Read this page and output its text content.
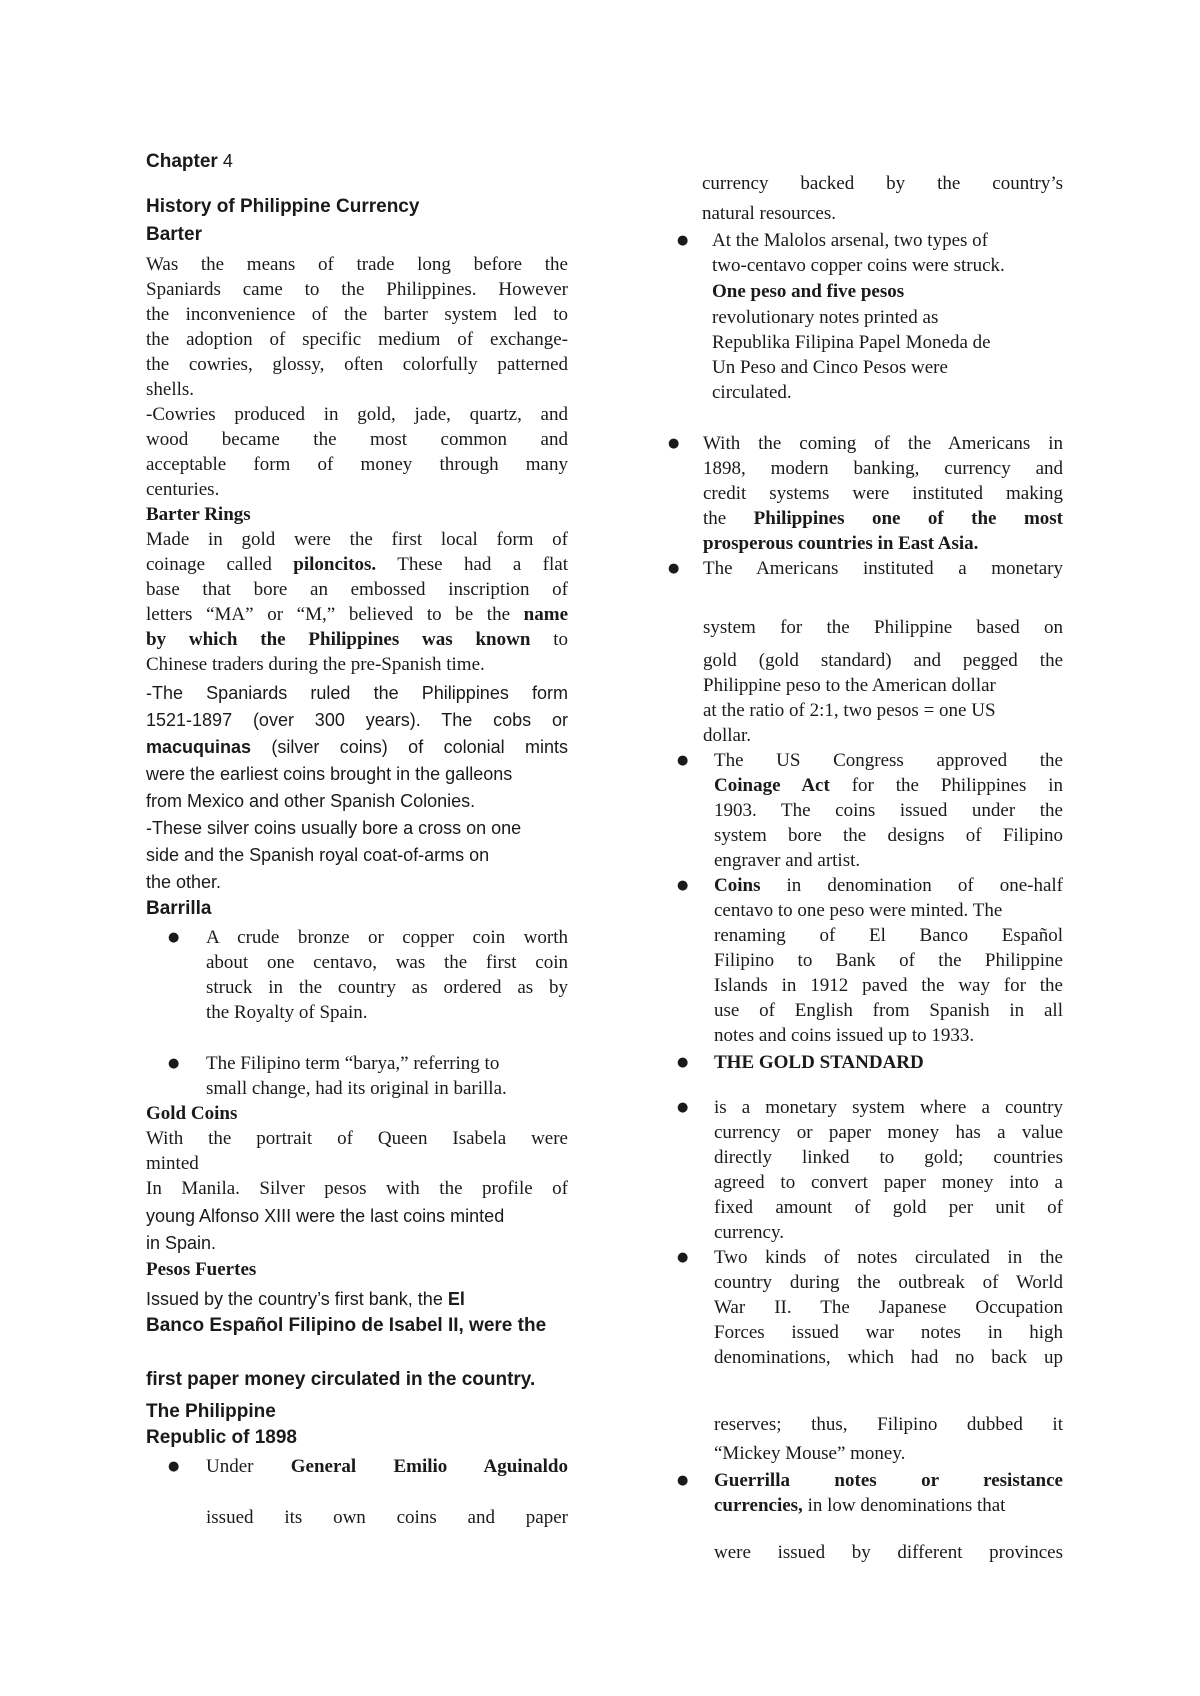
Chapter 4
History of Philippine Currency
Barter
Was the means of trade long before the
Spaniards came to the Philippines. However
the inconvenience of the barter system led to
the adoption of specific medium of exchange-
the cowries, glossy, often colorfully patterned
shells.
-Cowries produced in gold, jade, quartz, and
wood became the most common and
acceptable form of money through many
centuries.
Barter Rings
Made in gold were the first local form of
coinage called piloncitos. These had a flat
base that bore an embossed inscription of
letters “MA” or “M,” believed to be the name
by which the Philippines was known to
Chinese traders during the pre-Spanish time.
-The Spaniards ruled the Philippines form
1521-1897 (over 300 years). The cobs or
macuquinas (silver coins) of colonial mints
were the earliest coins brought in the galleons
from Mexico and other Spanish Colonies.
-These silver coins usually bore a cross on one
side and the Spanish royal coat-of-arms on
the other.
Barrilla
● A crude bronze or copper coin worth
about one centavo, was the first coin
struck in the country as ordered as by
the Royalty of Spain.
● The Filipino term “barya,” referring to
small change, had its original in barilla.
Gold Coins
With the portrait of Queen Isabela were
minted
In Manila. Silver pesos with the profile of
young Alfonso XIII were the last coins minted
in Spain.
Pesos Fuertes
Issued by the country’s first bank, the El
Banco Español Filipino de Isabel II, were the
first paper money circulated in the country.
The Philippine
Republic of 1898
● Under General Emilio Aguinaldo
issued its own coins and paper
currency backed by the country’s
natural resources.
● At the Malolos arsenal, two types of
two-centavo copper coins were struck.
One peso and five pesos
revolutionary notes printed as
Republika Filipina Papel Moneda de
Un Peso and Cinco Pesos were
circulated.
● With the coming of the Americans in
1898, modern banking, currency and
credit systems were instituted making
the Philippines one of the most
prosperous countries in East Asia.
● The Americans instituted a monetary
system for the Philippine based on
gold (gold standard) and pegged the
Philippine peso to the American dollar
at the ratio of 2:1, two pesos = one US
dollar.
● The US Congress approved the
Coinage Act for the Philippines in
1903. The coins issued under the
system bore the designs of Filipino
engraver and artist.
● Coins in denomination of one-half
centavo to one peso were minted. The
renaming of El Banco Español
Filipino to Bank of the Philippine
Islands in 1912 paved the way for the
use of English from Spanish in all
notes and coins issued up to 1933.
● THE GOLD STANDARD
● is a monetary system where a country
currency or paper money has a value
directly linked to gold; countries
agreed to convert paper money into a
fixed amount of gold per unit of
currency.
● Two kinds of notes circulated in the
country during the outbreak of World
War II. The Japanese Occupation
Forces issued war notes in high
denominations, which had no back up
reserves; thus, Filipino dubbed it
“Mickey Mouse” money.
● Guerrilla notes or resistance
currencies, in low denominations that
were issued by different provinces
